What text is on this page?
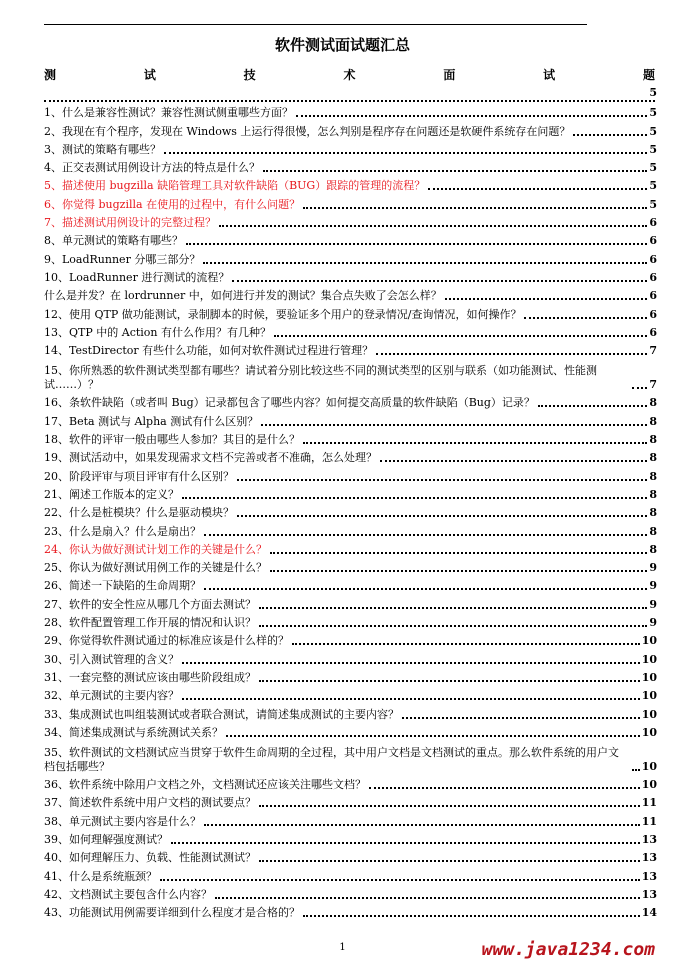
软件测试面试题汇总
测	试	技	术	面	试	题
5
1、什么是兼容性测试？兼容性测试侧重哪些方面？	5
2、我现在有个程序，发现在 Windows 上运行得很慢，怎么判别是程序存在问题还是软硬件系统存在问题？	5
3、测试的策略有哪些？	5
4、正交表测试用例设计方法的特点是什么？	5
5、描述使用 bugzilla 缺陷管理工具对软件缺陷（BUG）跟踪的管理的流程？	5
6、你觉得 bugzilla 在使用的过程中，有什么问题？	5
7、描述测试用例设计的完整过程？	6
8、单元测试的策略有哪些？	6
9、LoadRunner 分哪三部分？	6
10、LoadRunner 进行测试的流程？	6
什么是并发？在 lordrunner 中，如何进行并发的测试？集合点失败了会怎么样？	6
12、使用 QTP 做功能测试，录制脚本的时候，要验证多个用户的登录情况/查询情况，如何操作？	6
13、QTP 中的 Action 有什么作用？有几种？	6
14、TestDirector 有些什么功能，如何对软件测试过程进行管理？	7
15、你所熟悉的软件测试类型都有哪些？请试着分别比较这些不同的测试类型的区别与联系（如功能测试、性能测试……）？	7
16、条软件缺陷（或者叫 Bug）记录都包含了哪些内容？如何提交高质量的软件缺陷（Bug）记录？	8
17、Beta 测试与 Alpha 测试有什么区别？	8
18、软件的评审一般由哪些人参加？其目的是什么？	8
19、测试活动中，如果发现需求文档不完善或者不准确，怎么处理？	8
20、阶段评审与项目评审有什么区别？	8
21、阐述工作版本的定义？	8
22、什么是桩模块？什么是驱动模块？	8
23、什么是扇入？什么是扇出？	8
24、你认为做好测试计划工作的关键是什么？	8
25、你认为做好测试用例工作的关键是什么？	9
26、简述一下缺陷的生命周期？	9
27、软件的安全性应从哪几个方面去测试？	9
28、软件配置管理工作开展的情况和认识？	9
29、你觉得软件测试通过的标准应该是什么样的？	10
30、引入测试管理的含义？	10
31、一套完整的测试应该由哪些阶段组成？	10
32、单元测试的主要内容？	10
33、集成测试也叫组装测试或者联合测试，请简述集成测试的主要内容？	10
34、简述集成测试与系统测试关系？	10
35、软件测试的文档测试应当贯穿于软件生命周期的全过程，其中用户文档是文档测试的重点。那么软件系统的用户文档包括哪些？	10
36、软件系统中除用户文档之外，文档测试还应该关注哪些文档？	10
37、简述软件系统中用户文档的测试要点？	11
38、单元测试主要内容是什么？	11
39、如何理解强度测试？	13
40、如何理解压力、负载、性能测试测试？	13
41、什么是系统瓶颈？	13
42、文档测试主要包含什么内容？	13
43、功能测试用例需要详细到什么程度才是合格的？	14
1	www.java1234.com
